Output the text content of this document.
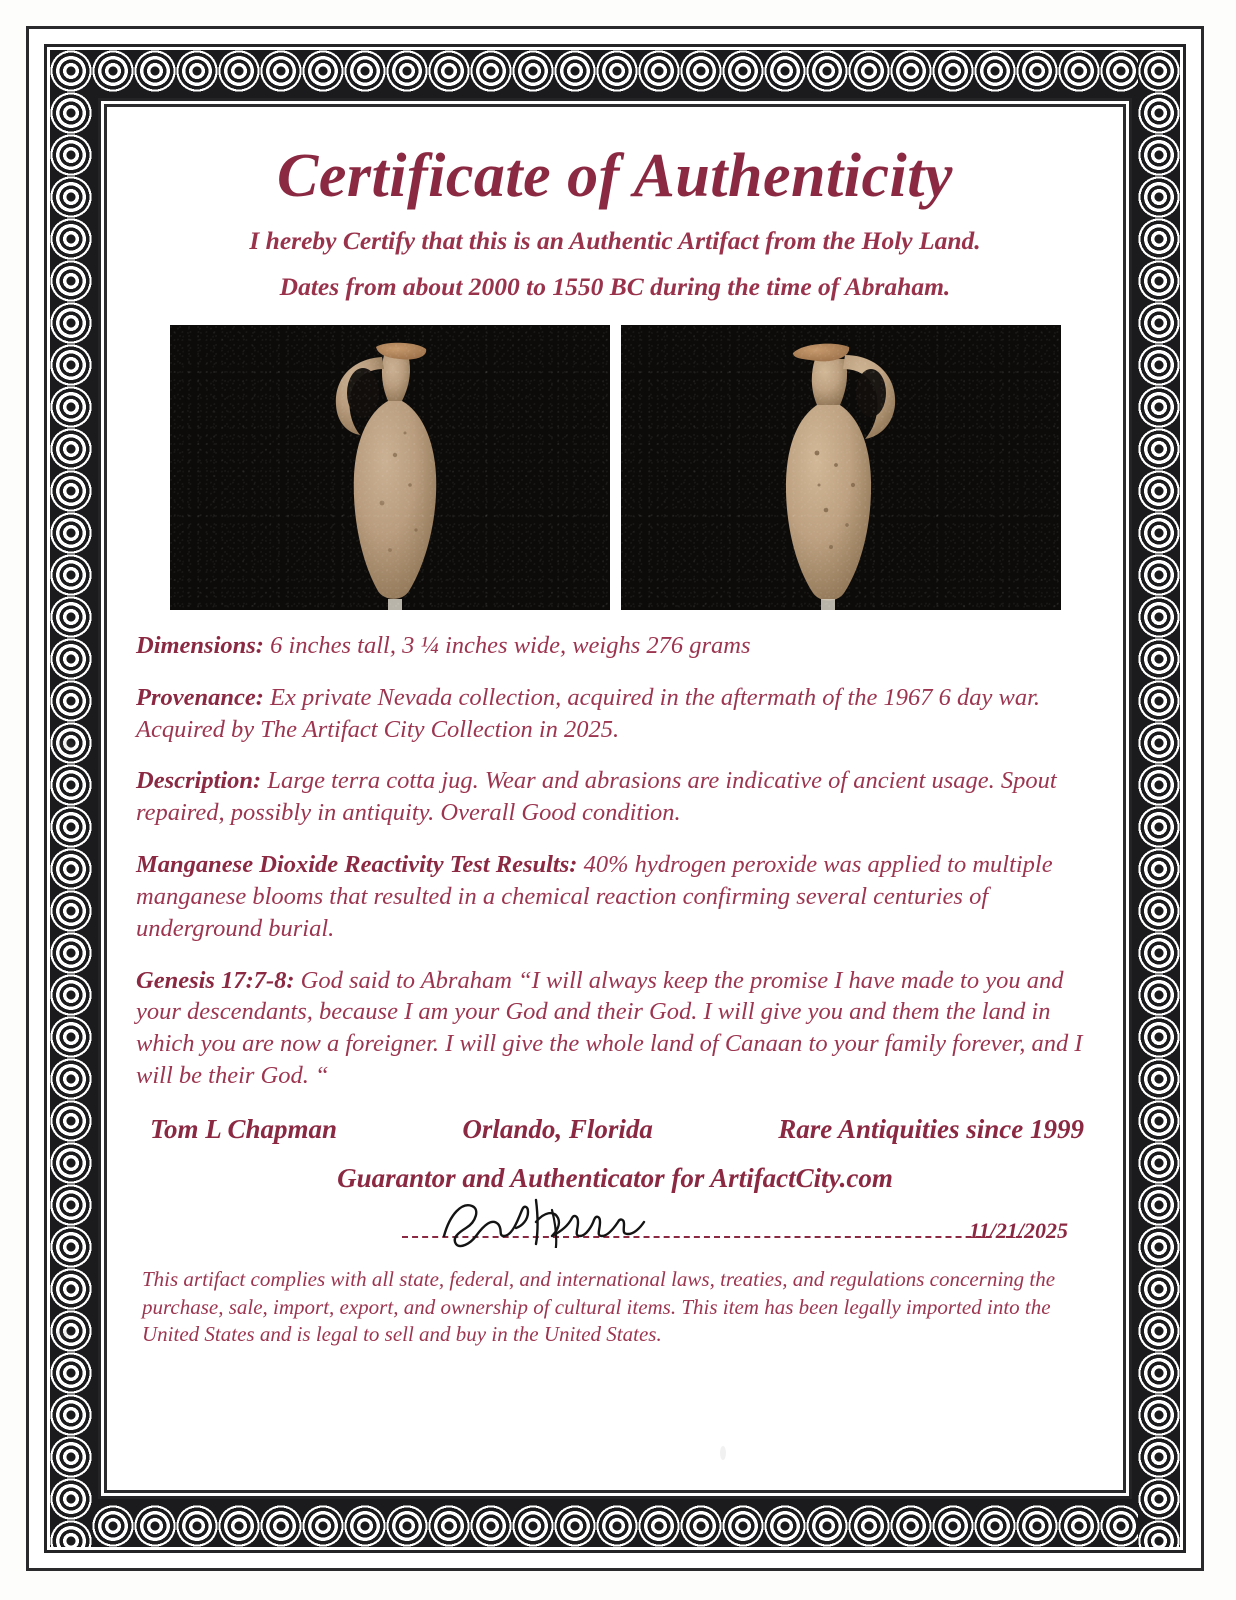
Certificate of Authenticity
I hereby Certify that this is an Authentic Artifact from the Holy Land.
Dates from about 2000 to 1550 BC during the time of Abraham.

Dimensions: 6 inches tall, 3 ¼ inches wide, weighs 276 grams

Provenance: Ex private Nevada collection, acquired in the aftermath of the 1967 6 day war. Acquired by The Artifact City Collection in 2025.

Description: Large terra cotta jug. Wear and abrasions are indicative of ancient usage. Spout repaired, possibly in antiquity. Overall Good condition.

Manganese Dioxide Reactivity Test Results: 40% hydrogen peroxide was applied to multiple manganese blooms that resulted in a chemical reaction confirming several centuries of underground burial.

Genesis 17:7-8: God said to Abraham “I will always keep the promise I have made to you and your descendants, because I am your God and their God. I will give you and them the land in which you are now a foreigner. I will give the whole land of Canaan to your family forever, and I will be their God. “

Tom L Chapman	Orlando, Florida	Rare Antiquities since 1999
Guarantor and Authenticator for ArtifactCity.com
11/21/2025
This artifact complies with all state, federal, and international laws, treaties, and regulations concerning the purchase, sale, import, export, and ownership of cultural items. This item has been legally imported into the United States and is legal to sell and buy in the United States.
